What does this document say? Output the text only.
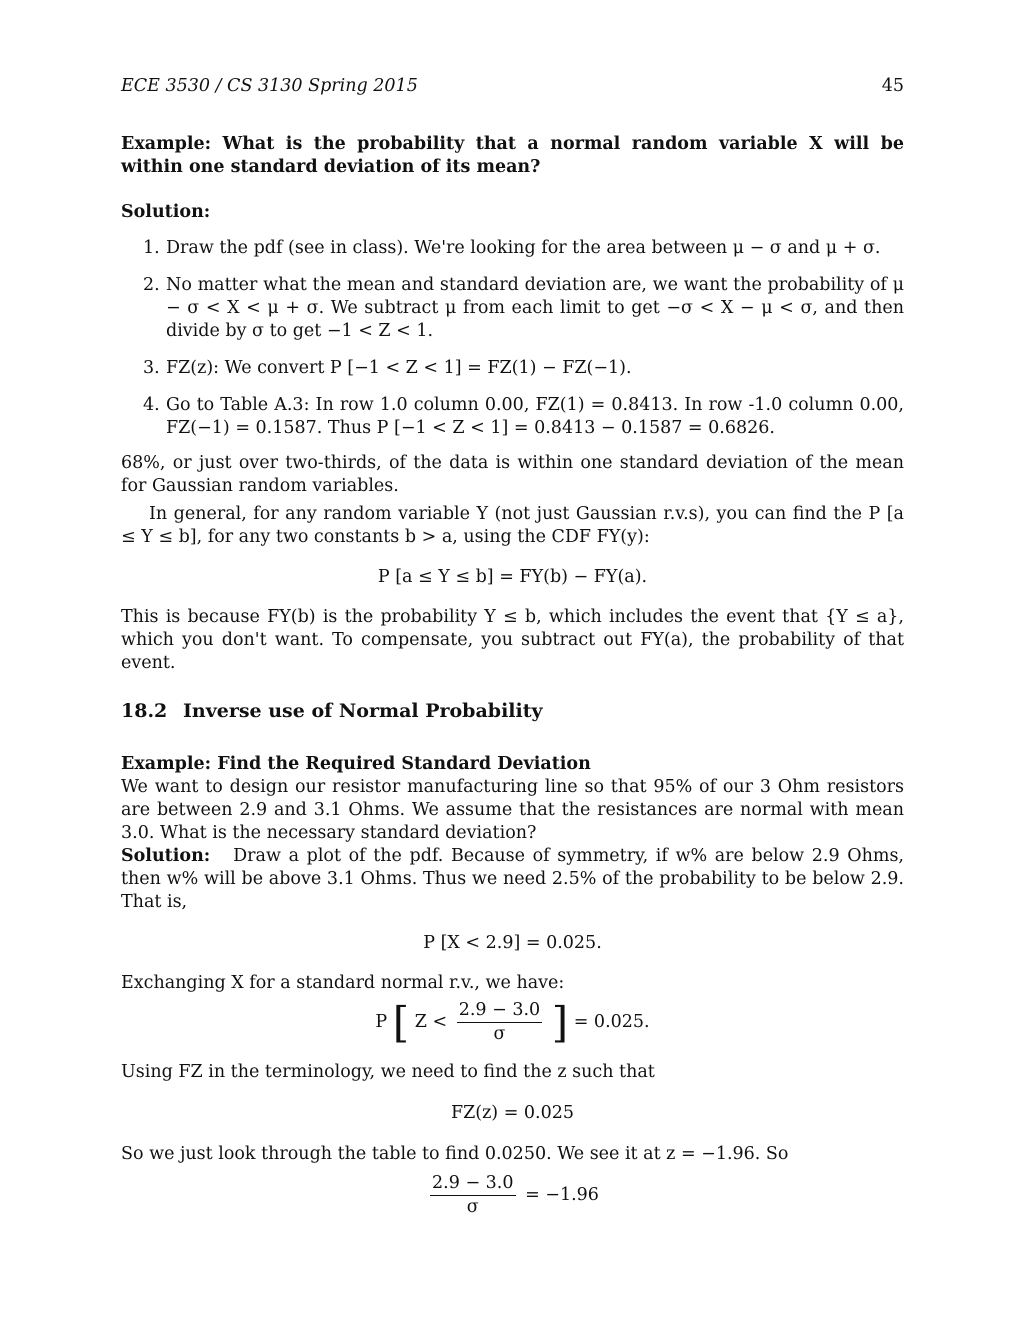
ECE 3530 / CS 3130 Spring 2015	45

Example: What is the probability that a normal random variable X will be within one standard deviation of its mean?

Solution:

1. Draw the pdf (see in class). We're looking for the area between μ − σ and μ + σ.
2. No matter what the mean and standard deviation are, we want the probability of μ − σ < X < μ + σ. We subtract μ from each limit to get −σ < X − μ < σ, and then divide by σ to get −1 < Z < 1.
3. FZ(z): We convert P [−1 < Z < 1] = FZ(1) − FZ(−1).
4. Go to Table A.3: In row 1.0 column 0.00, FZ(1) = 0.8413. In row -1.0 column 0.00, FZ(−1) = 0.1587. Thus P [−1 < Z < 1] = 0.8413 − 0.1587 = 0.6826.

68%, or just over two-thirds, of the data is within one standard deviation of the mean for Gaussian random variables.

In general, for any random variable Y (not just Gaussian r.v.s), you can find the P [a ≤ Y ≤ b], for any two constants b > a, using the CDF FY(y):

P [a ≤ Y ≤ b] = FY(b) − FY(a).

This is because FY(b) is the probability Y ≤ b, which includes the event that {Y ≤ a}, which you don't want. To compensate, you subtract out FY(a), the probability of that event.

18.2 Inverse use of Normal Probability

Example: Find the Required Standard Deviation

We want to design our resistor manufacturing line so that 95% of our 3 Ohm resistors are between 2.9 and 3.1 Ohms. We assume that the resistances are normal with mean 3.0. What is the necessary standard deviation?

Solution: Draw a plot of the pdf. Because of symmetry, if w% are below 2.9 Ohms, then w% will be above 3.1 Ohms. Thus we need 2.5% of the probability to be below 2.9. That is,

P [X < 2.9] = 0.025.

Exchanging X for a standard normal r.v., we have:

P [ $Z < \frac{2.9 - 3.0}{\sigma}$ ] = 0.025.

Using FZ in the terminology, we need to find the z such that

FZ(z) = 0.025

So we just look through the table to find 0.0250. We see it at z = −1.96. So

$\frac{2.9 - 3.0}{\sigma} = -1.96$
